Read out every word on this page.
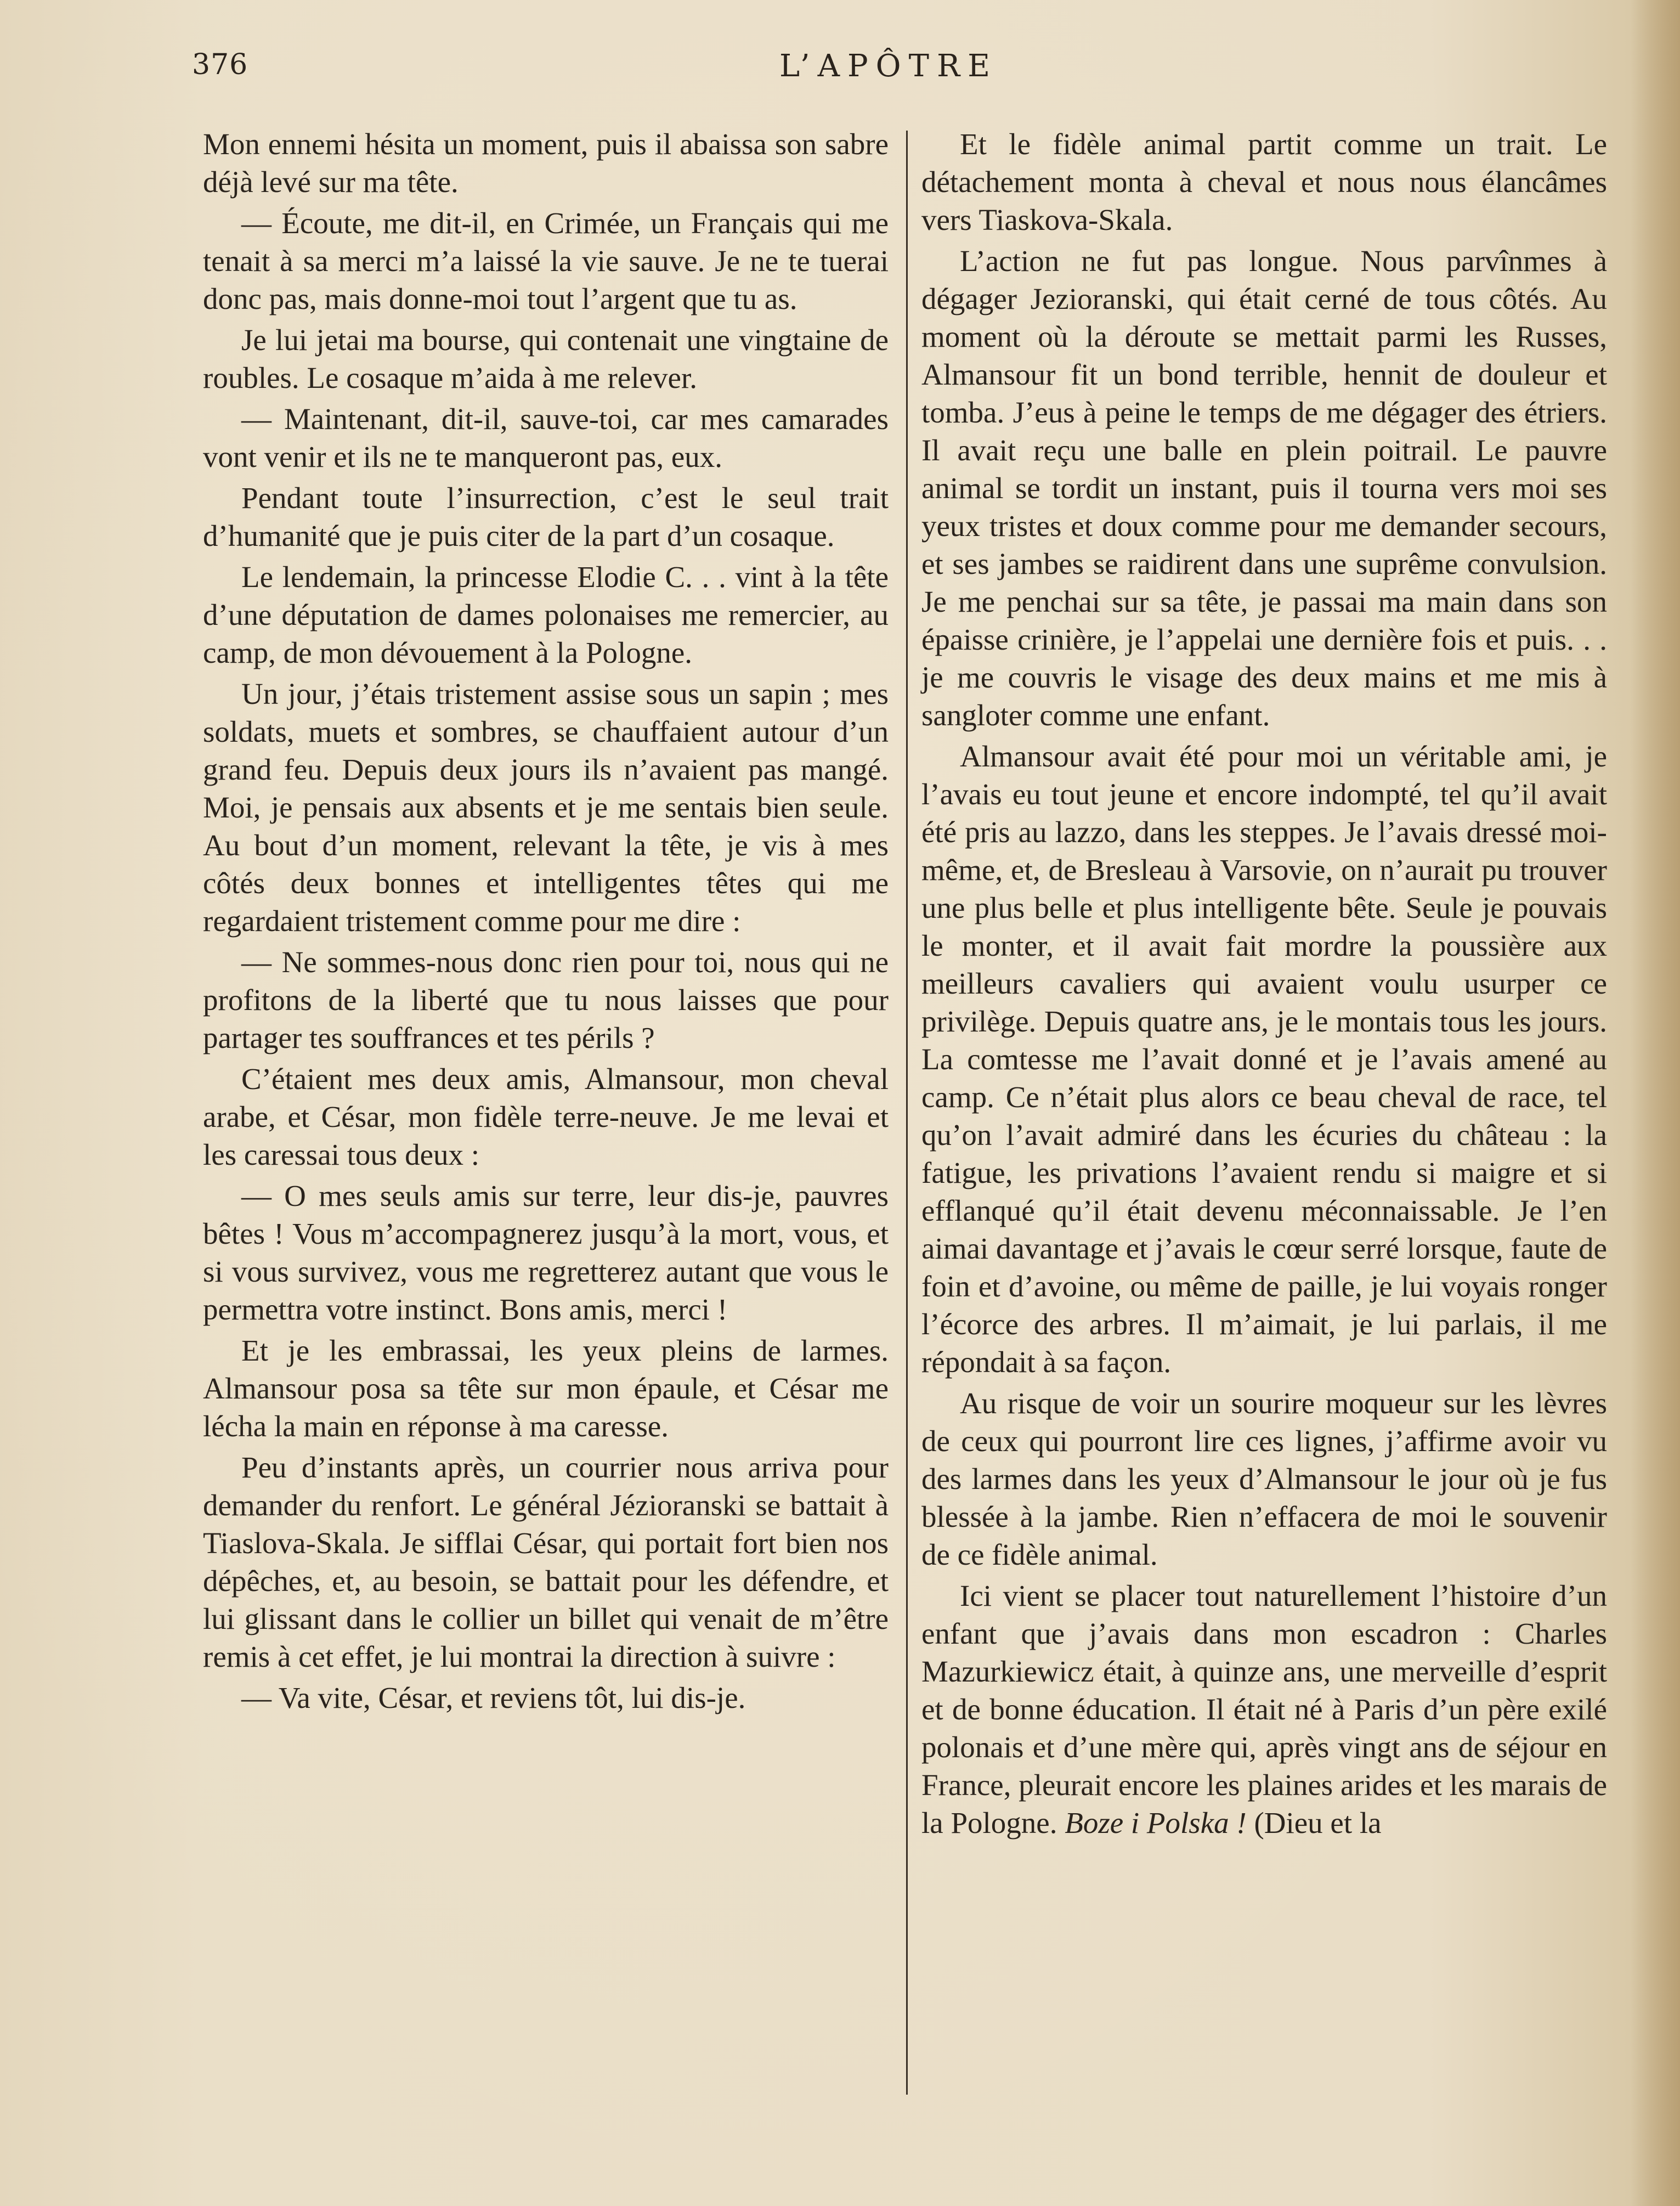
376	L’APÔTRE

Mon ennemi hésita un moment, puis il abaissa son sabre déjà levé sur ma tête.

— Écoute, me dit-il, en Crimée, un Français qui me tenait à sa merci m’a laissé la vie sauve. Je ne te tuerai donc pas, mais donne-moi tout l’argent que tu as.

Je lui jetai ma bourse, qui contenait une vingtaine de roubles. Le cosaque m’aida à me relever.

— Maintenant, dit-il, sauve-toi, car mes camarades vont venir et ils ne te manqueront pas, eux.

Pendant toute l’insurrection, c’est le seul trait d’humanité que je puis citer de la part d’un cosaque.

Le lendemain, la princesse Elodie C. . . vint à la tête d’une députation de dames polonaises me remercier, au camp, de mon dévouement à la Pologne.

Un jour, j’étais tristement assise sous un sapin ; mes soldats, muets et sombres, se chauffaient autour d’un grand feu. Depuis deux jours ils n’avaient pas mangé. Moi, je pensais aux absents et je me sentais bien seule. Au bout d’un moment, relevant la tête, je vis à mes côtés deux bonnes et intelligentes têtes qui me regardaient tristement comme pour me dire :

— Ne sommes-nous donc rien pour toi, nous qui ne profitons de la liberté que tu nous laisses que pour partager tes souffrances et tes périls ?

C’étaient mes deux amis, Almansour, mon cheval arabe, et César, mon fidèle terre-neuve. Je me levai et les caressai tous deux :

— O mes seuls amis sur terre, leur dis-je, pauvres bêtes ! Vous m’accompagnerez jusqu’à la mort, vous, et si vous survivez, vous me regretterez autant que vous le permettra votre instinct. Bons amis, merci !

Et je les embrassai, les yeux pleins de larmes. Almansour posa sa tête sur mon épaule, et César me lécha la main en réponse à ma caresse.

Peu d’instants après, un courrier nous arriva pour demander du renfort. Le général Jézioranski se battait à Tiaslova-Skala. Je sifflai César, qui portait fort bien nos dépêches, et, au besoin, se battait pour les défendre, et lui glissant dans le collier un billet qui venait de m’être remis à cet effet, je lui montrai la direction à suivre :

— Va vite, César, et reviens tôt, lui dis-je.

Et le fidèle animal partit comme un trait. Le détachement monta à cheval et nous nous élancâmes vers Tiaskova-Skala.

L’action ne fut pas longue. Nous parvînmes à dégager Jezioranski, qui était cerné de tous côtés. Au moment où la déroute se mettait parmi les Russes, Almansour fit un bond terrible, hennit de douleur et tomba. J’eus à peine le temps de me dégager des étriers. Il avait reçu une balle en plein poitrail. Le pauvre animal se tordit un instant, puis il tourna vers moi ses yeux tristes et doux comme pour me demander secours, et ses jambes se raidirent dans une suprême convulsion. Je me penchai sur sa tête, je passai ma main dans son épaisse crinière, je l’appelai une dernière fois et puis. . . je me couvris le visage des deux mains et me mis à sangloter comme une enfant.

Almansour avait été pour moi un véritable ami, je l’avais eu tout jeune et encore indompté, tel qu’il avait été pris au lazzo, dans les steppes. Je l’avais dressé moi-même, et, de Bresleau à Varsovie, on n’aurait pu trouver une plus belle et plus intelligente bête. Seule je pouvais le monter, et il avait fait mordre la poussière aux meilleurs cavaliers qui avaient voulu usurper ce privilège. Depuis quatre ans, je le montais tous les jours. La comtesse me l’avait donné et je l’avais amené au camp. Ce n’était plus alors ce beau cheval de race, tel qu’on l’avait admiré dans les écuries du château : la fatigue, les privations l’avaient rendu si maigre et si efflanqué qu’il était devenu méconnaissable. Je l’en aimai davantage et j’avais le cœur serré lorsque, faute de foin et d’avoine, ou même de paille, je lui voyais ronger l’écorce des arbres. Il m’aimait, je lui parlais, il me répondait à sa façon.

Au risque de voir un sourire moqueur sur les lèvres de ceux qui pourront lire ces lignes, j’affirme avoir vu des larmes dans les yeux d’Almansour le jour où je fus blessée à la jambe. Rien n’effacera de moi le souvenir de ce fidèle animal.

Ici vient se placer tout naturellement l’histoire d’un enfant que j’avais dans mon escadron : Charles Mazurkiewicz était, à quinze ans, une merveille d’esprit et de bonne éducation. Il était né à Paris d’un père exilé polonais et d’une mère qui, après vingt ans de séjour en France, pleurait encore les plaines arides et les marais de la Pologne. Boze i Polska ! (Dieu et la
